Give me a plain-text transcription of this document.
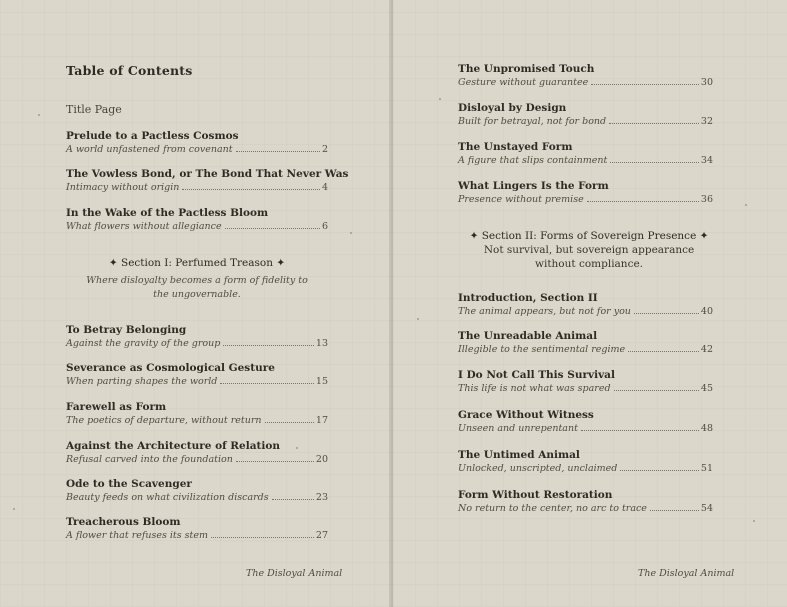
Table of Contents
Title Page
Prelude to a Pactless Cosmos
A world unfastened from covenant	2
The Vowless Bond, or The Bond That Never Was
Intimacy without origin	4
In the Wake of the Pactless Bloom
What flowers without allegiance	6
✦ Section I: Perfumed Treason ✦
Where disloyalty becomes a form of fidelity to
the ungovernable.
To Betray Belonging
Against the gravity of the group	13
Severance as Cosmological Gesture
When parting shapes the world	15
Farewell as Form
The poetics of departure, without return	17
Against the Architecture of Relation
Refusal carved into the foundation	20
Ode to the Scavenger
Beauty feeds on what civilization discards	23
Treacherous Bloom
A flower that refuses its stem	27
The Disloyal Animal
The Unpromised Touch
Gesture without guarantee	30
Disloyal by Design
Built for betrayal, not for bond	32
The Unstayed Form
A figure that slips containment	34
What Lingers Is the Form
Presence without premise	36
✦ Section II: Forms of Sovereign Presence ✦
Not survival, but sovereign appearance
without compliance.
Introduction, Section II
The animal appears, but not for you	40
The Unreadable Animal
Illegible to the sentimental regime	42
I Do Not Call This Survival
This life is not what was spared	45
Grace Without Witness
Unseen and unrepentant	48
The Untimed Animal
Unlocked, unscripted, unclaimed	51
Form Without Restoration
No return to the center, no arc to trace	54
The Disloyal Animal
